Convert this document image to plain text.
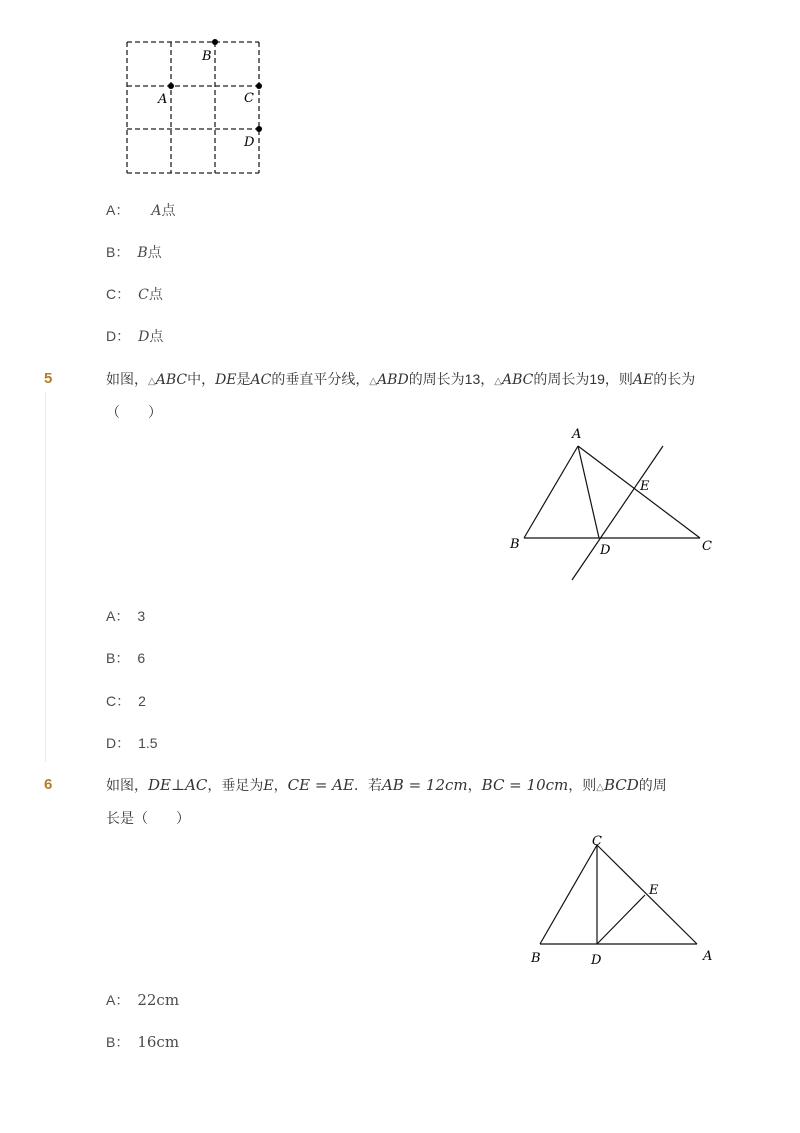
B
A	C
D
A： A点
B： B点
C： C点
D： D点
5	如图，△ABC中，DE是AC的垂直平分线，△ABD的周长为13，△ABC的周长为19，则AE的长为
（　　）
A
B	C
D
E
A： 3
B： 6
C： 2
D： 1.5
6	如图，DE⊥AC，垂足为E，CE = AE．若AB = 12cm，BC = 10cm，则△BCD的周
长是（　　）
C
B	D
E
A
A： 22cm
B： 16cm
